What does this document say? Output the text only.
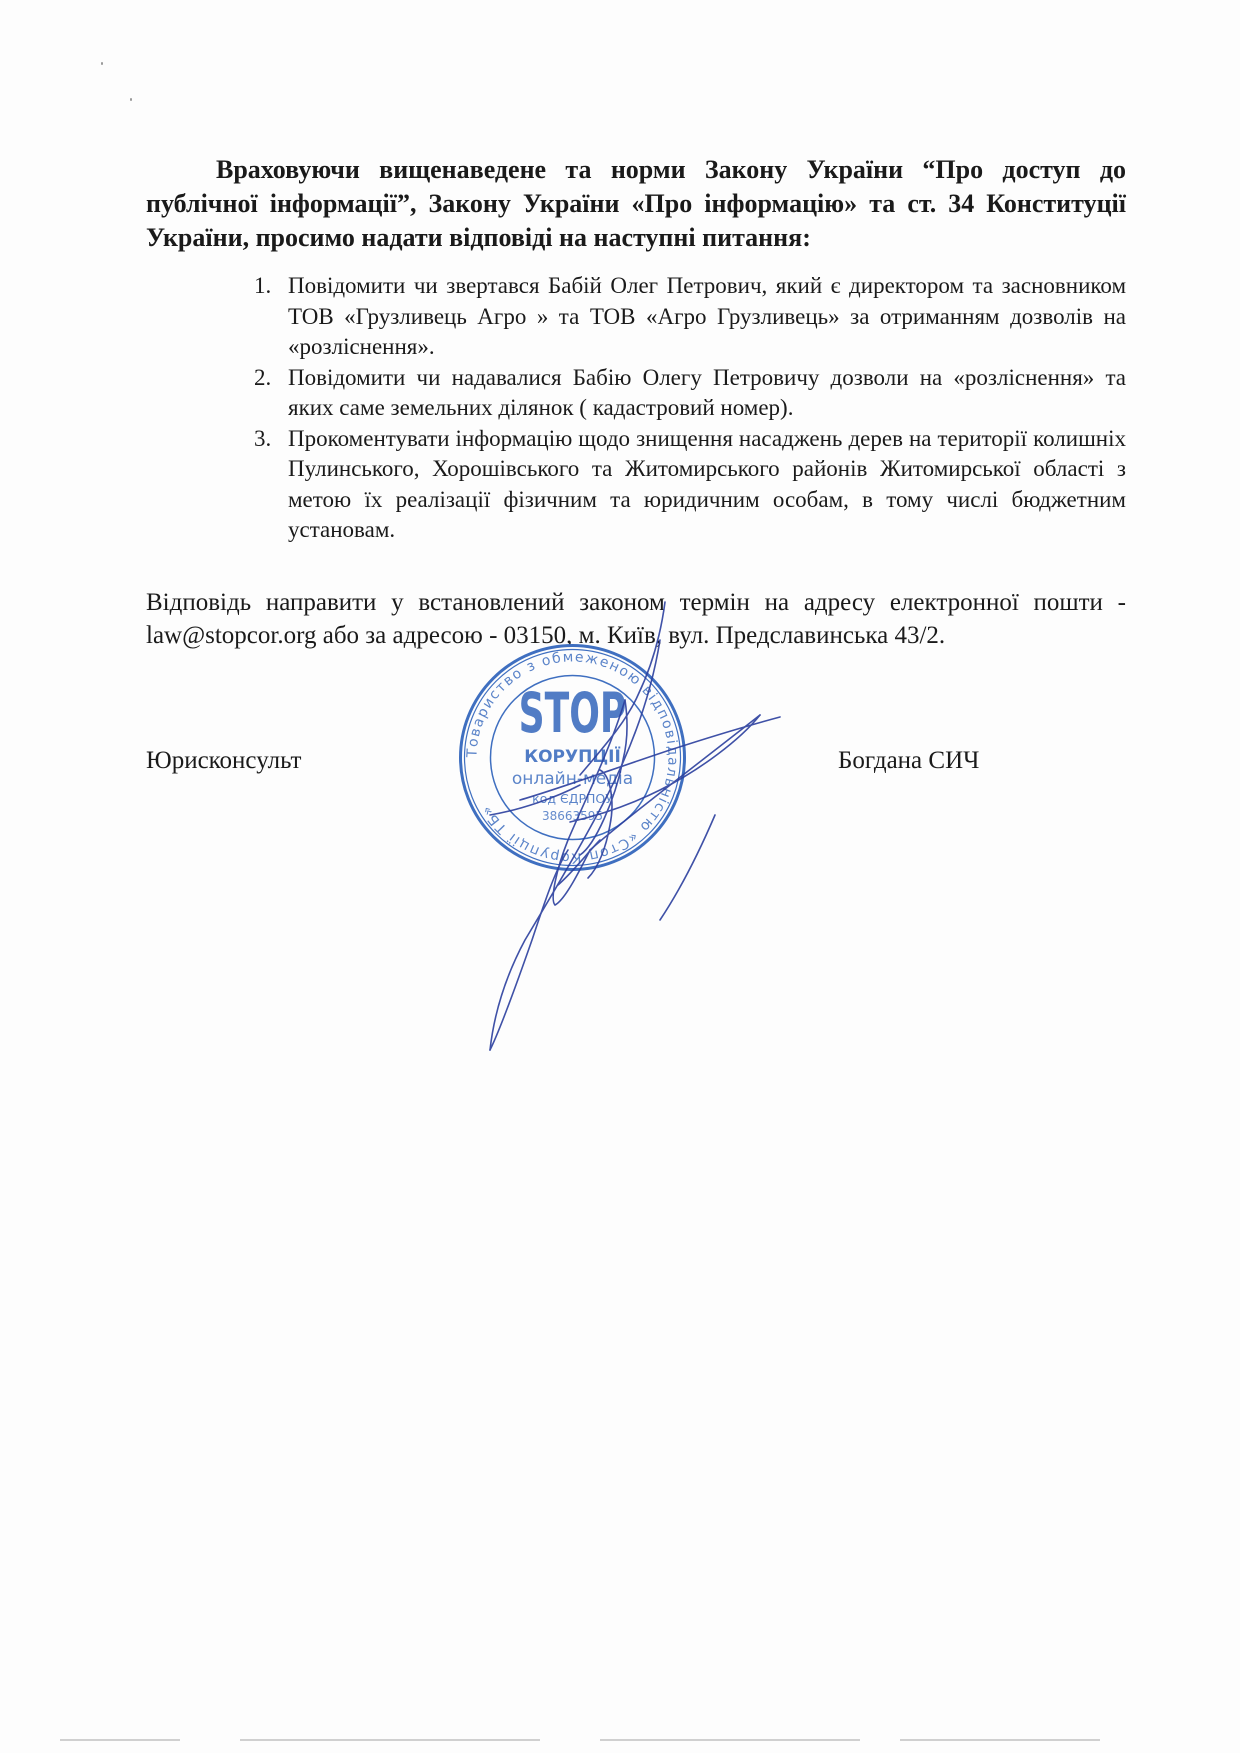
Враховуючи вищенаведене та норми Закону України “Про доступ до публічної інформації”, Закону України «Про інформацію» та ст. 34 Конституції України, просимо надати відповіді на наступні питання:

1. Повідомити чи звертався Бабій Олег Петрович, який є директором та засновником ТОВ «Грузливець Агро » та ТОВ «Агро Грузливець» за отриманням дозволів на «розліснення».
2. Повідомити чи надавалися Бабію Олегу Петровичу дозволи на «розліснення» та яких саме земельних ділянок ( кадастровий номер).
3. Прокоментувати інформацію щодо знищення насаджень дерев на території колишніх Пулинського, Хорошівського та Житомирського районів Житомирської області з метою їх реалізації фізичним та юридичним особам, в тому числі бюджетним установам.

Відповідь направити у встановлений законом термін на адресу електронної пошти - law@stopcor.org або за адресою - 03150, м. Київ, вул. Предславинська 43/2.

Юрисконсульт	Богдана СИЧ
Товариство з обмеженою відповідальністю «Стоп Корупції ТБ»
STOP
КОРУПЦІЇ
онлайн-медіа
код ЄДРПОУ
38663595
